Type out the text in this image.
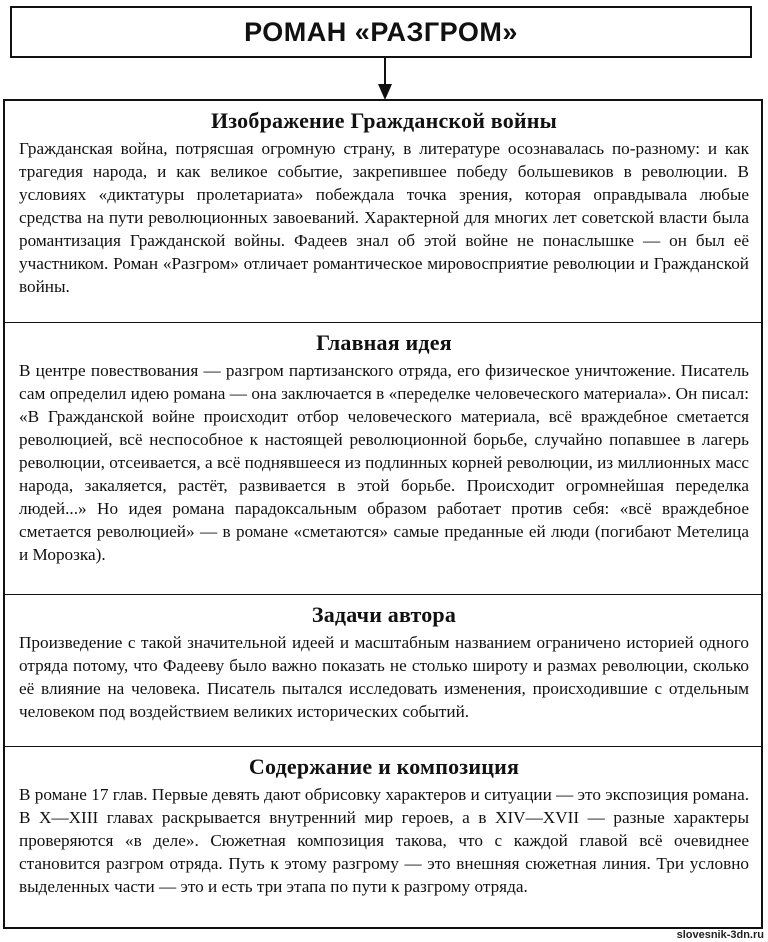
РОМАН «РАЗГРОМ»
Изображение Гражданской войны

Гражданская война, потрясшая огромную страну, в литературе осознавалась по-разному: и как трагедия народа, и как великое событие, закрепившее победу большевиков в революции. В условиях «диктатуры пролетариата» побеждала точка зрения, которая оправдывала любые средства на пути революционных завоеваний. Характерной для многих лет советской власти была романтизация Гражданской войны. Фадеев знал об этой войне не понаслышке — он был её участником. Роман «Разгром» отличает романтическое мировосприятие революции и Гражданской войны.

Главная идея

В центре повествования — разгром партизанского отряда, его физическое уничтожение. Писатель сам определил идею романа — она заключается в «переделке человеческого материала». Он писал: «В Гражданской войне происходит отбор человеческого материала, всё враждебное сметается революцией, всё неспособное к настоящей революционной борьбе, случайно попавшее в лагерь революции, отсеивается, а всё поднявшееся из подлинных корней революции, из миллионных масс народа, закаляется, растёт, развивается в этой борьбе. Происходит огромнейшая переделка людей...» Но идея романа парадоксальным образом работает против себя: «всё враждебное сметается революцией» — в романе «сметаются» самые преданные ей люди (погибают Метелица и Морозка).

Задачи автора

Произведение с такой значительной идеей и масштабным названием ограничено историей одного отряда потому, что Фадееву было важно показать не столько широту и размах революции, сколько её влияние на человека. Писатель пытался исследовать изменения, происходившие с отдельным человеком под воздействием великих исторических событий.

Содержание и композиция

В романе 17 глав. Первые девять дают обрисовку характеров и ситуации — это экспозиция романа. В X—XIII главах раскрывается внутренний мир героев, а в XIV—XVII — разные характеры проверяются «в деле». Сюжетная композиция такова, что с каждой главой всё очевиднее становится разгром отряда. Путь к этому разгрому — это внешняя сюжетная линия. Три условно выделенных части — это и есть три этапа по пути к разгрому отряда.

slovesnik-3dn.ru
